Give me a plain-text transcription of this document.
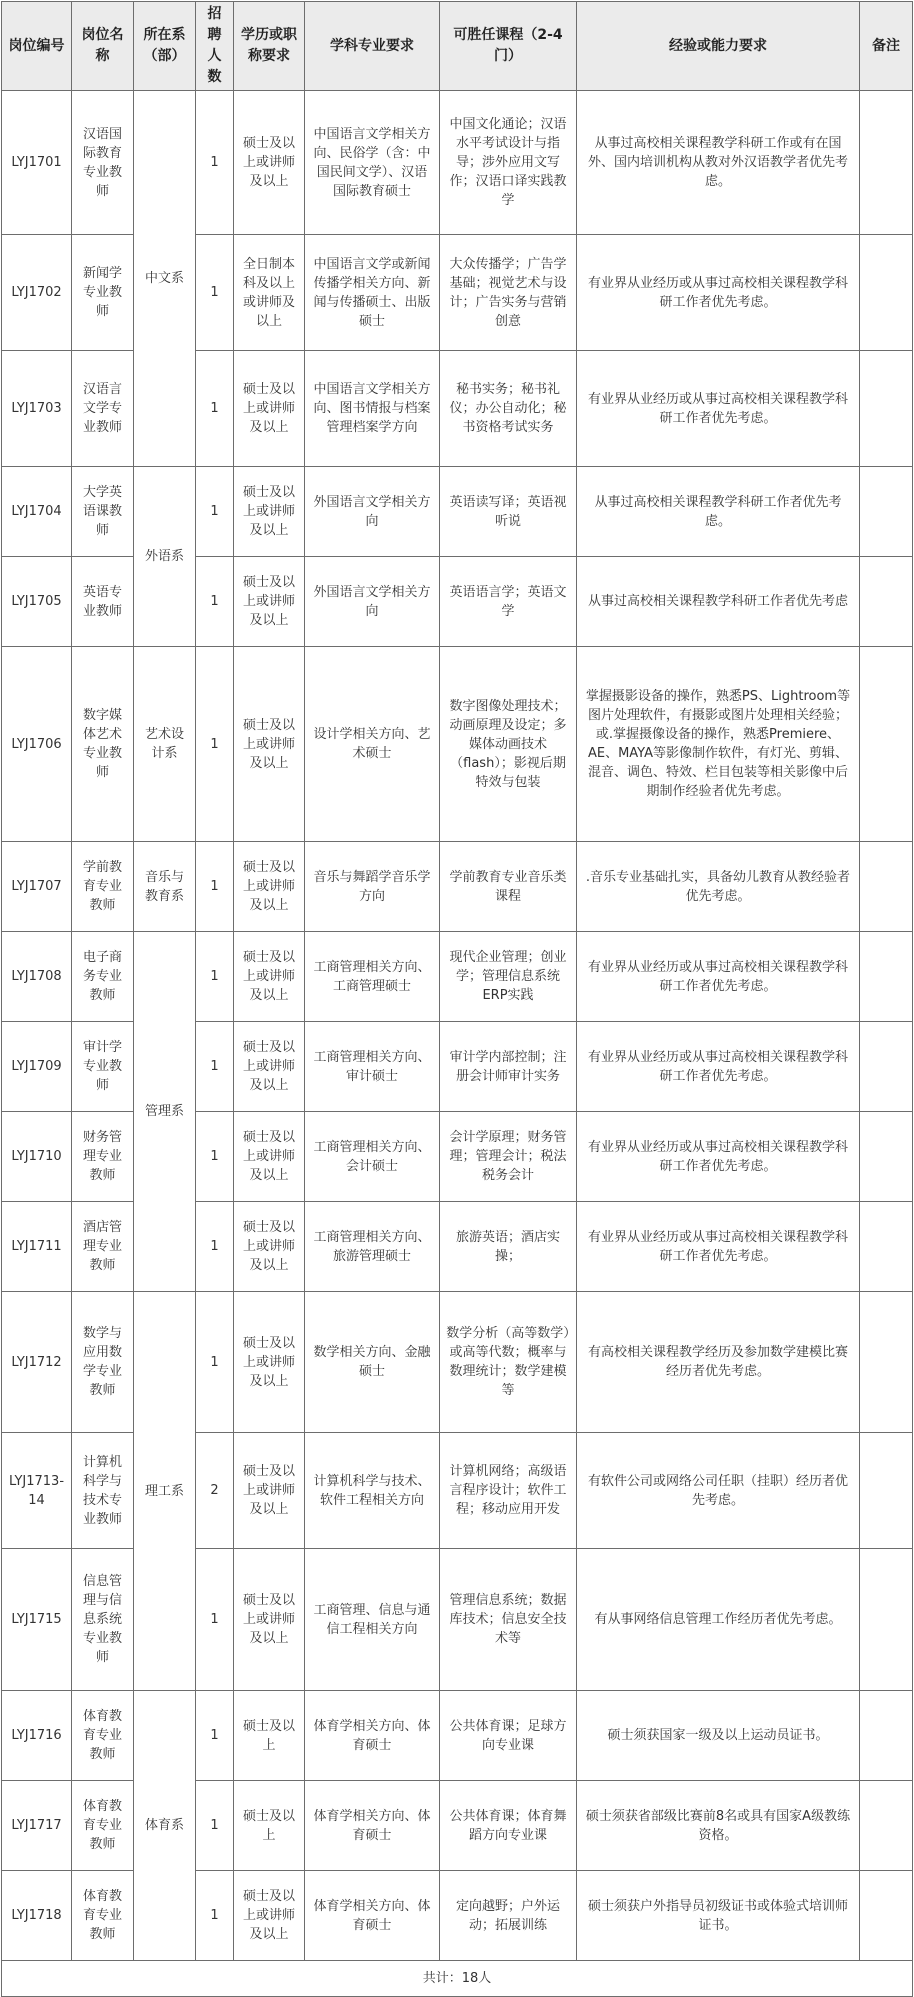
岗位编号	岗位名称	所在系（部）	招聘人数	学历或职称要求	学科专业要求	可胜任课程（2-4门）	经验或能力要求	备注
LYJ1701	汉语国际教育专业教师	中文系	1	硕士及以上或讲师及以上	中国语言文学相关方向、民俗学（含：中国民间文学）、汉语国际教育硕士	中国文化通论；汉语水平考试设计与指导；涉外应用文写作；汉语口译实践教学	从事过高校相关课程教学科研工作或有在国外、国内培训机构从教对外汉语教学者优先考虑。	
LYJ1702	新闻学专业教师		1	全日制本科及以上或讲师及以上	中国语言文学或新闻传播学相关方向、新闻与传播硕士、出版硕士	大众传播学；广告学基础；视觉艺术与设计；广告实务与营销创意	有业界从业经历或从事过高校相关课程教学科研工作者优先考虑。	
LYJ1703	汉语言文学专业教师		1	硕士及以上或讲师及以上	中国语言文学相关方向、图书情报与档案管理档案学方向	秘书实务；秘书礼仪；办公自动化；秘书资格考试实务	有业界从业经历或从事过高校相关课程教学科研工作者优先考虑。	
LYJ1704	大学英语课教师	外语系	1	硕士及以上或讲师及以上	外国语言文学相关方向	英语读写译；英语视听说	从事过高校相关课程教学科研工作者优先考虑。	
LYJ1705	英语专业教师		1	硕士及以上或讲师及以上	外国语言文学相关方向	英语语言学；英语文学	从事过高校相关课程教学科研工作者优先考虑	
LYJ1706	数字媒体艺术专业教师	艺术设计系	1	硕士及以上或讲师及以上	设计学相关方向、艺术硕士	数字图像处理技术；动画原理及设定；多媒体动画技术（flash）；影视后期特效与包装	掌握摄影设备的操作，熟悉PS、Lightroom等图片处理软件，有摄影或图片处理相关经验；或.掌握摄像设备的操作，熟悉Premiere、AE、MAYA等影像制作软件，有灯光、剪辑、混音、调色、特效、栏目包装等相关影像中后期制作经验者优先考虑。	
LYJ1707	学前教育专业教师	音乐与教育系	1	硕士及以上或讲师及以上	音乐与舞蹈学音乐学方向	学前教育专业音乐类课程	.音乐专业基础扎实，具备幼儿教育从教经验者优先考虑。	
LYJ1708	电子商务专业教师	管理系	1	硕士及以上或讲师及以上	工商管理相关方向、工商管理硕士	现代企业管理；创业学；管理信息系统ERP实践	有业界从业经历或从事过高校相关课程教学科研工作者优先考虑。	
LYJ1709	审计学专业教师		1	硕士及以上或讲师及以上	工商管理相关方向、审计硕士	审计学内部控制；注册会计师审计实务	有业界从业经历或从事过高校相关课程教学科研工作者优先考虑。	
LYJ1710	财务管理专业教师		1	硕士及以上或讲师及以上	工商管理相关方向、会计硕士	会计学原理；财务管理；管理会计；税法税务会计	有业界从业经历或从事过高校相关课程教学科研工作者优先考虑。	
LYJ1711	酒店管理专业教师		1	硕士及以上或讲师及以上	工商管理相关方向、旅游管理硕士	旅游英语；酒店实操；	有业界从业经历或从事过高校相关课程教学科研工作者优先考虑。	
LYJ1712	数学与应用数学专业教师	理工系	1	硕士及以上或讲师及以上	数学相关方向、金融硕士	数学分析（高等数学）或高等代数；概率与数理统计；数学建模等	有高校相关课程教学经历及参加数学建模比赛经历者优先考虑。	
LYJ1713-14	计算机科学与技术专业教师		2	硕士及以上或讲师及以上	计算机科学与技术、软件工程相关方向	计算机网络；高级语言程序设计；软件工程；移动应用开发	有软件公司或网络公司任职（挂职）经历者优先考虑。	
LYJ1715	信息管理与信息系统专业教师		1	硕士及以上或讲师及以上	工商管理、信息与通信工程相关方向	管理信息系统；数据库技术；信息安全技术等	有从事网络信息管理工作经历者优先考虑。	
LYJ1716	体育教育专业教师	体育系	1	硕士及以上	体育学相关方向、体育硕士	公共体育课；足球方向专业课	硕士须获国家一级及以上运动员证书。	
LYJ1717	体育教育专业教师		1	硕士及以上	体育学相关方向、体育硕士	公共体育课；体育舞蹈方向专业课	硕士须获省部级比赛前8名或具有国家A级教练资格。	
LYJ1718	体育教育专业教师		1	硕士及以上或讲师及以上	体育学相关方向、体育硕士	定向越野；户外运动；拓展训练	硕士须获户外指导员初级证书或体验式培训师证书。	
共计：18人								
